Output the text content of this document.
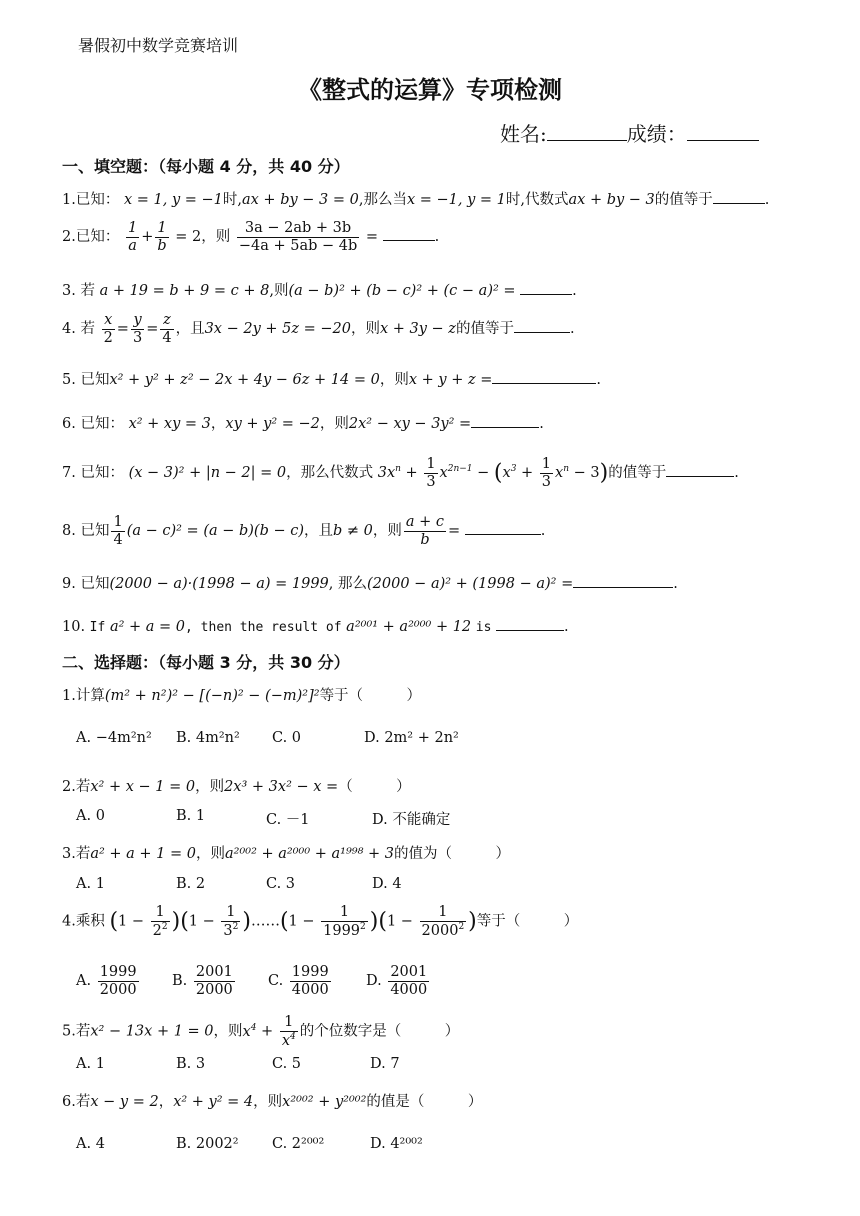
暑假初中数学竞赛培训
《整式的运算》专项检测
姓名:	成绩：
一、填空题：（每小题 4 分，共 40 分）
1.已知： x = 1, y = −1时,ax + by − 3 = 0,那么当x = −1, y = 1时,代数式ax + by − 3的值等于	.
2.已知： $\frac{1}{a} + \frac{1}{b} = 2$，则 $\frac{3a - 2ab + 3b}{-4a + 5ab - 4b}$ =	.
3. 若 a + 19 = b + 9 = c + 8,则(a − b)² + (b − c)² + (c − a)² =	.
4. 若 $\frac{x}{2} = \frac{y}{3} = \frac{z}{4}$ ，且3x − 2y + 5z = −20，则x + 3y − z的值等于	.
5. 已知x² + y² + z² − 2x + 4y − 6z + 14 = 0，则x + y + z =	.
6. 已知： x² + xy = 3，xy + y² = −2，则2x² − xy − 3y² =	.
7. 已知： (x − 3)² + |n − 2| = 0，那么代数式 $3x^n + \frac{1}{3} x^{2n-1} - (x^3 + \frac{1}{3} x^n - 3)$的值等于	.
8. 已知 $\frac{1}{4} (a - c)^2 = (a - b)(b - c)$，且b ≠ 0，则 $\frac{a + c}{b}$ =	.
9. 已知(2000 − a)·(1998 − a) = 1999, 那么(2000 − a)² + (1998 − a)² =	.
10. If a² + a = 0, then the result of a²⁰⁰¹ + a²⁰⁰⁰ + 12 is	.
二、选择题：（每小题 3 分，共 30 分）
1.计算(m² + n²)² − [(−n)² − (−m)²]²等于（　　　）
A. −4m²n² B. 4m²n² C. 0	D. 2m² + 2n²
2.若x² + x − 1 = 0，则2x³ + 3x² − x =（　　　）
A. 0	B. 1	C. －1	D. 不能确定
3.若a² + a + 1 = 0，则a²⁰⁰² + a²⁰⁰⁰ + a¹⁹⁹⁸ + 3的值为（　　　）
A. 1	B. 2	C. 3	D. 4
4.乘积 $(1 - \frac{1}{2^2} )(1 - \frac{1}{3^2}$ )……(1 − $\frac{1}{1999^2} )(1 - \frac{1}{2000^2}$ )等于（　　　）
A. $\frac{1999}{2000} B$. $\frac{2001}{2000} C$. $\frac{1999}{4000} D$. $\frac{2001}{4000}$
5.若x² − 13x + 1 = 0，则$x^4 + \frac{1}{x^4}$ 的个位数字是（　　　）
A. 1	B. 3	C. 5	D. 7
6.若x − y = 2，x² + y² = 4，则x²⁰⁰² + y²⁰⁰²的值是（　　　）
A. 4	B. 2002² C. 2²⁰⁰²	D. 4²⁰⁰²
